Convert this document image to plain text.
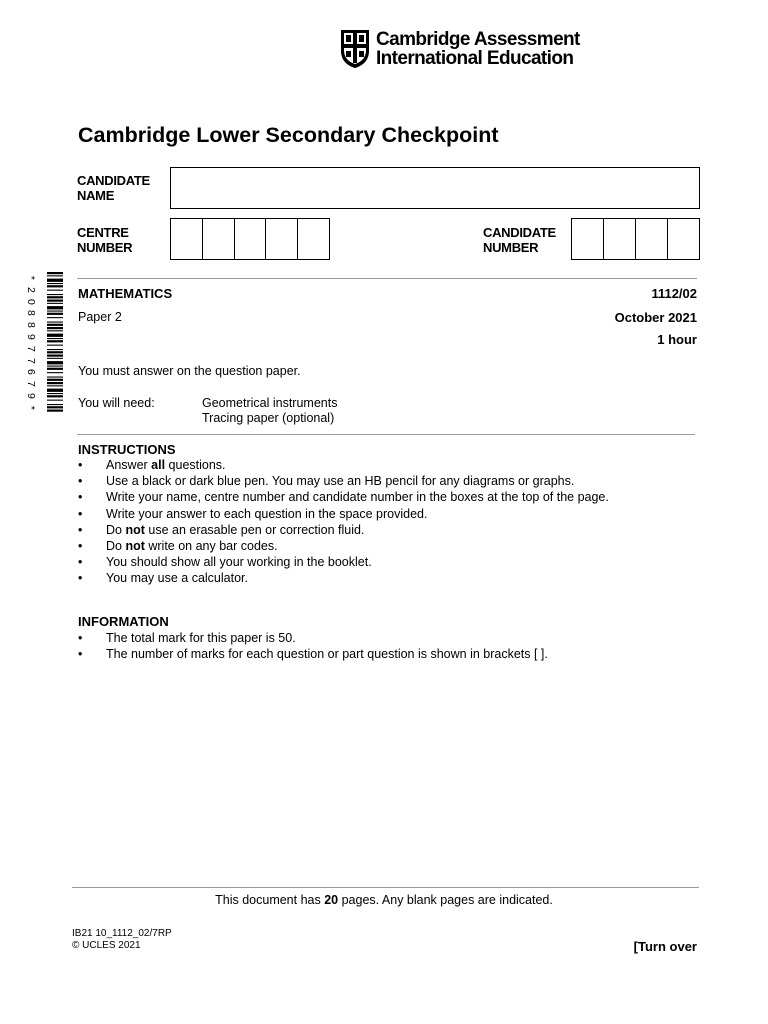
Cambridge Assessment
International Education
Cambridge Lower Secondary Checkpoint
CANDIDATE
NAME
CENTRE
NUMBER
CANDIDATE
NUMBER
*
2
0
8
8
9
7
7
6
7
9
*
MATHEMATICS
Paper 2
1112/02
October 2021
1 hour
You must answer on the question paper.
You will need:	Geometrical instruments
Tracing paper (optional)
INSTRUCTIONS
• Answer all questions.
• Use a black or dark blue pen. You may use an HB pencil for any diagrams or graphs.
• Write your name, centre number and candidate number in the boxes at the top of the page.
• Write your answer to each question in the space provided.
• Do not use an erasable pen or correction fluid.
• Do not write on any bar codes.
• You should show all your working in the booklet.
• You may use a calculator.
INFORMATION
• The total mark for this paper is 50.
• The number of marks for each question or part question is shown in brackets [ ].
This document has 20 pages. Any blank pages are indicated.
IB21 10_1112_02/7RP
© UCLES 2021	[Turn over
